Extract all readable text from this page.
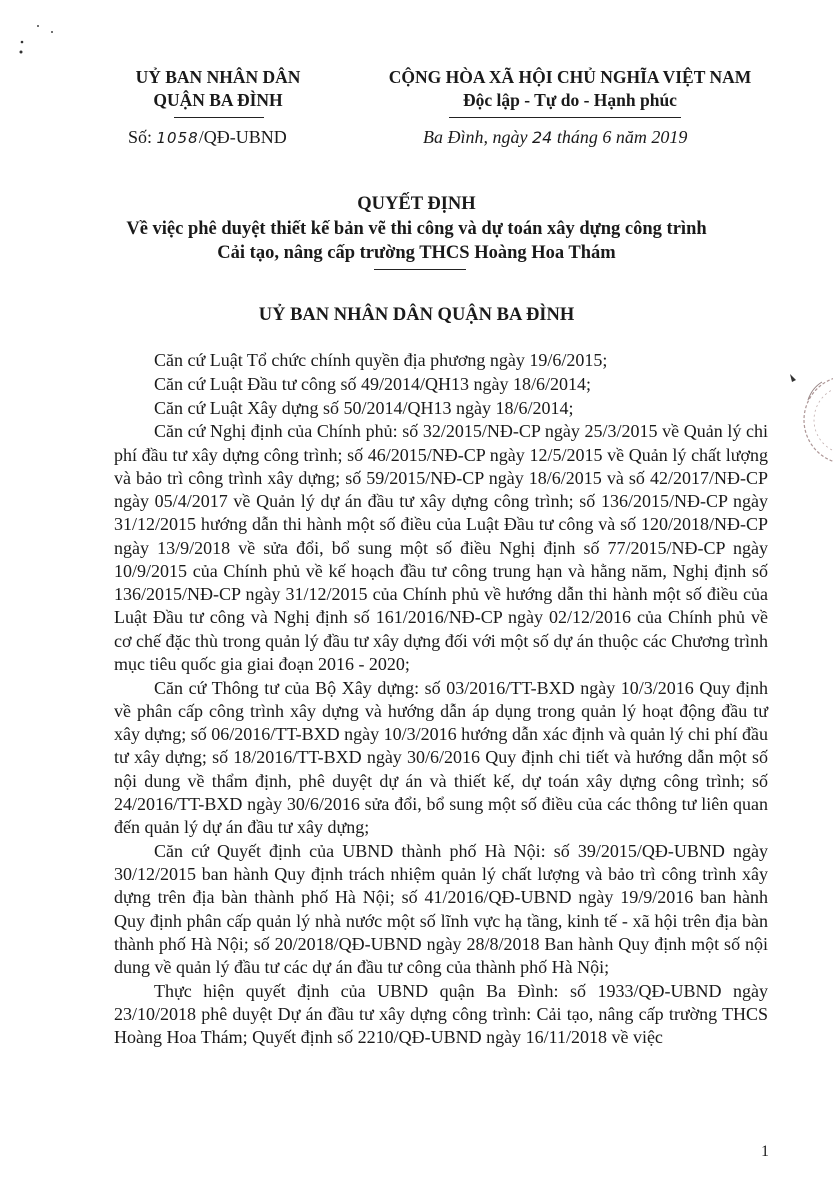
UỶ BAN NHÂN DÂN
QUẬN BA ĐÌNH
CỘNG HÒA XÃ HỘI CHỦ NGHĨA VIỆT NAM
Độc lập - Tự do - Hạnh phúc
Số: 1058/QĐ-UBND	Ba Đình, ngày 24 tháng 6 năm 2019
QUYẾT ĐỊNH
Về việc phê duyệt thiết kế bản vẽ thi công và dự toán xây dựng công trình
Cải tạo, nâng cấp trường THCS Hoàng Hoa Thám
UỶ BAN NHÂN DÂN QUẬN BA ĐÌNH

Căn cứ Luật Tổ chức chính quyền địa phương ngày 19/6/2015;

Căn cứ Luật Đầu tư công số 49/2014/QH13 ngày 18/6/2014;

Căn cứ Luật Xây dựng số 50/2014/QH13 ngày 18/6/2014;

Căn cứ Nghị định của Chính phủ: số 32/2015/NĐ-CP ngày 25/3/2015 về Quản lý chi phí đầu tư xây dựng công trình; số 46/2015/NĐ-CP ngày 12/5/2015 về Quản lý chất lượng và bảo trì công trình xây dựng; số 59/2015/NĐ-CP ngày 18/6/2015 và số 42/2017/NĐ-CP ngày 05/4/2017 về Quản lý dự án đầu tư xây dựng công trình; số 136/2015/NĐ-CP ngày 31/12/2015 hướng dẫn thi hành một số điều của Luật Đầu tư công và số 120/2018/NĐ-CP ngày 13/9/2018 về sửa đổi, bổ sung một số điều Nghị định số 77/2015/NĐ-CP ngày 10/9/2015 của Chính phủ về kế hoạch đầu tư công trung hạn và hằng năm, Nghị định số 136/2015/NĐ-CP ngày 31/12/2015 của Chính phủ về hướng dẫn thi hành một số điều của Luật Đầu tư công và Nghị định số 161/2016/NĐ-CP ngày 02/12/2016 của Chính phủ về cơ chế đặc thù trong quản lý đầu tư xây dựng đối với một số dự án thuộc các Chương trình mục tiêu quốc gia giai đoạn 2016 - 2020;

Căn cứ Thông tư của Bộ Xây dựng: số 03/2016/TT-BXD ngày 10/3/2016 Quy định về phân cấp công trình xây dựng và hướng dẫn áp dụng trong quản lý hoạt động đầu tư xây dựng; số 06/2016/TT-BXD ngày 10/3/2016 hướng dẫn xác định và quản lý chi phí đầu tư xây dựng; số 18/2016/TT-BXD ngày 30/6/2016 Quy định chi tiết và hướng dẫn một số nội dung về thẩm định, phê duyệt dự án và thiết kế, dự toán xây dựng công trình; số 24/2016/TT-BXD ngày 30/6/2016 sửa đổi, bổ sung một số điều của các thông tư liên quan đến quản lý dự án đầu tư xây dựng;

Căn cứ Quyết định của UBND thành phố Hà Nội: số 39/2015/QĐ-UBND ngày 30/12/2015 ban hành Quy định trách nhiệm quản lý chất lượng và bảo trì công trình xây dựng trên địa bàn thành phố Hà Nội; số 41/2016/QĐ-UBND ngày 19/9/2016 ban hành Quy định phân cấp quản lý nhà nước một số lĩnh vực hạ tầng, kinh tế - xã hội trên địa bàn thành phố Hà Nội; số 20/2018/QĐ-UBND ngày 28/8/2018 Ban hành Quy định một số nội dung về quản lý đầu tư các dự án đầu tư công của thành phố Hà Nội;

Thực hiện quyết định của UBND quận Ba Đình: số 1933/QĐ-UBND ngày 23/10/2018 phê duyệt Dự án đầu tư xây dựng công trình: Cải tạo, nâng cấp trường THCS Hoàng Hoa Thám; Quyết định số 2210/QĐ-UBND ngày 16/11/2018 về việc

1
